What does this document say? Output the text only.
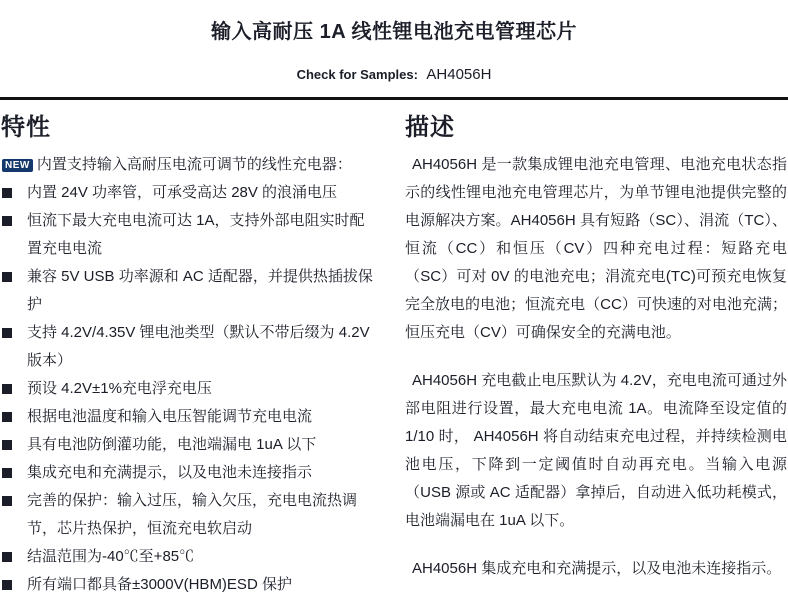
输入高耐压 1A 线性锂电池充电管理芯片
Check for Samples: AH4056H
特性
NEW 内置支持输入高耐压电流可调节的线性充电器：
内置 24V 功率管，可承受高达 28V 的浪涌电压
恒流下最大充电电流可达 1A，支持外部电阻实时配置充电电流
兼容 5V USB 功率源和 AC 适配器，并提供热插拔保护
支持 4.2V/4.35V 锂电池类型（默认不带后缀为 4.2V 版本）
预设 4.2V±1%充电浮充电压
根据电池温度和输入电压智能调节充电电流
具有电池防倒灌功能，电池端漏电 1uA 以下
集成充电和充满提示，以及电池未连接指示
完善的保护：输入过压，输入欠压，充电电流热调节，芯片热保护，恒流充电软启动
结温范围为-40℃至+85℃
所有端口都具备±3000V(HBM)ESD 保护
描述

AH4056H 是一款集成锂电池充电管理、电池充电状态指示的线性锂电池充电管理芯片，为单节锂电池提供完整的电源解决方案。AH4056H 具有短路（SC）、涓流（TC）、恒流（CC）和恒压（CV）四种充电过程：短路充电（SC）可对 0V 的电池充电；涓流充电(TC)可预充电恢复完全放电的电池；恒流充电（CC）可快速的对电池充满；恒压充电（CV）可确保安全的充满电池。

AH4056H 充电截止电压默认为 4.2V，充电电流可通过外部电阻进行设置，最大充电电流 1A。电流降至设定值的 1/10 时， AH4056H 将自动结束充电过程，并持续检测电池电压，下降到一定阈值时自动再充电。当输入电源（USB 源或 AC 适配器）拿掉后，自动进入低功耗模式，电池端漏电在 1uA 以下。

AH4056H 集成充电和充满提示，以及电池未连接指示。
